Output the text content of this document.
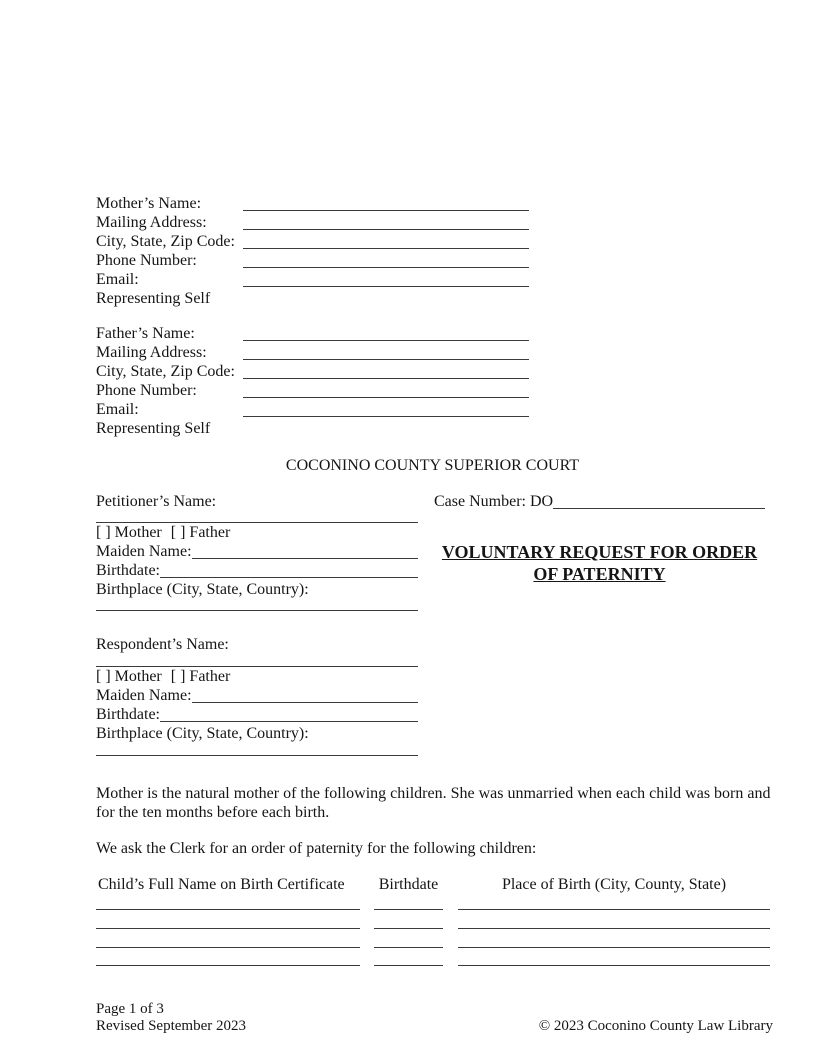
Mother’s Name:
Mailing Address:
City, State, Zip Code:
Phone Number:
Email:
Representing Self
Father’s Name:
Mailing Address:
City, State, Zip Code:
Phone Number:
Email:
Representing Self
COCONINO COUNTY SUPERIOR COURT
Petitioner’s Name:	Case Number: DO
[ ] Mother [ ] Father
Maiden Name:
Birthdate:
Birthplace (City, State, Country):
Respondent’s Name:
[ ] Mother [ ] Father
Maiden Name:
Birthdate:
Birthplace (City, State, Country):
VOLUNTARY REQUEST FOR ORDER
OF PATERNITY
Mother is the natural mother of the following children. She was unmarried when each child was born and for the ten months before each birth.
We ask the Clerk for an order of paternity for the following children:
Child’s Full Name on Birth Certificate	Birthdate	Place of Birth (City, County, State)
Page 1 of 3
Revised September 2023	© 2023 Coconino County Law Library
